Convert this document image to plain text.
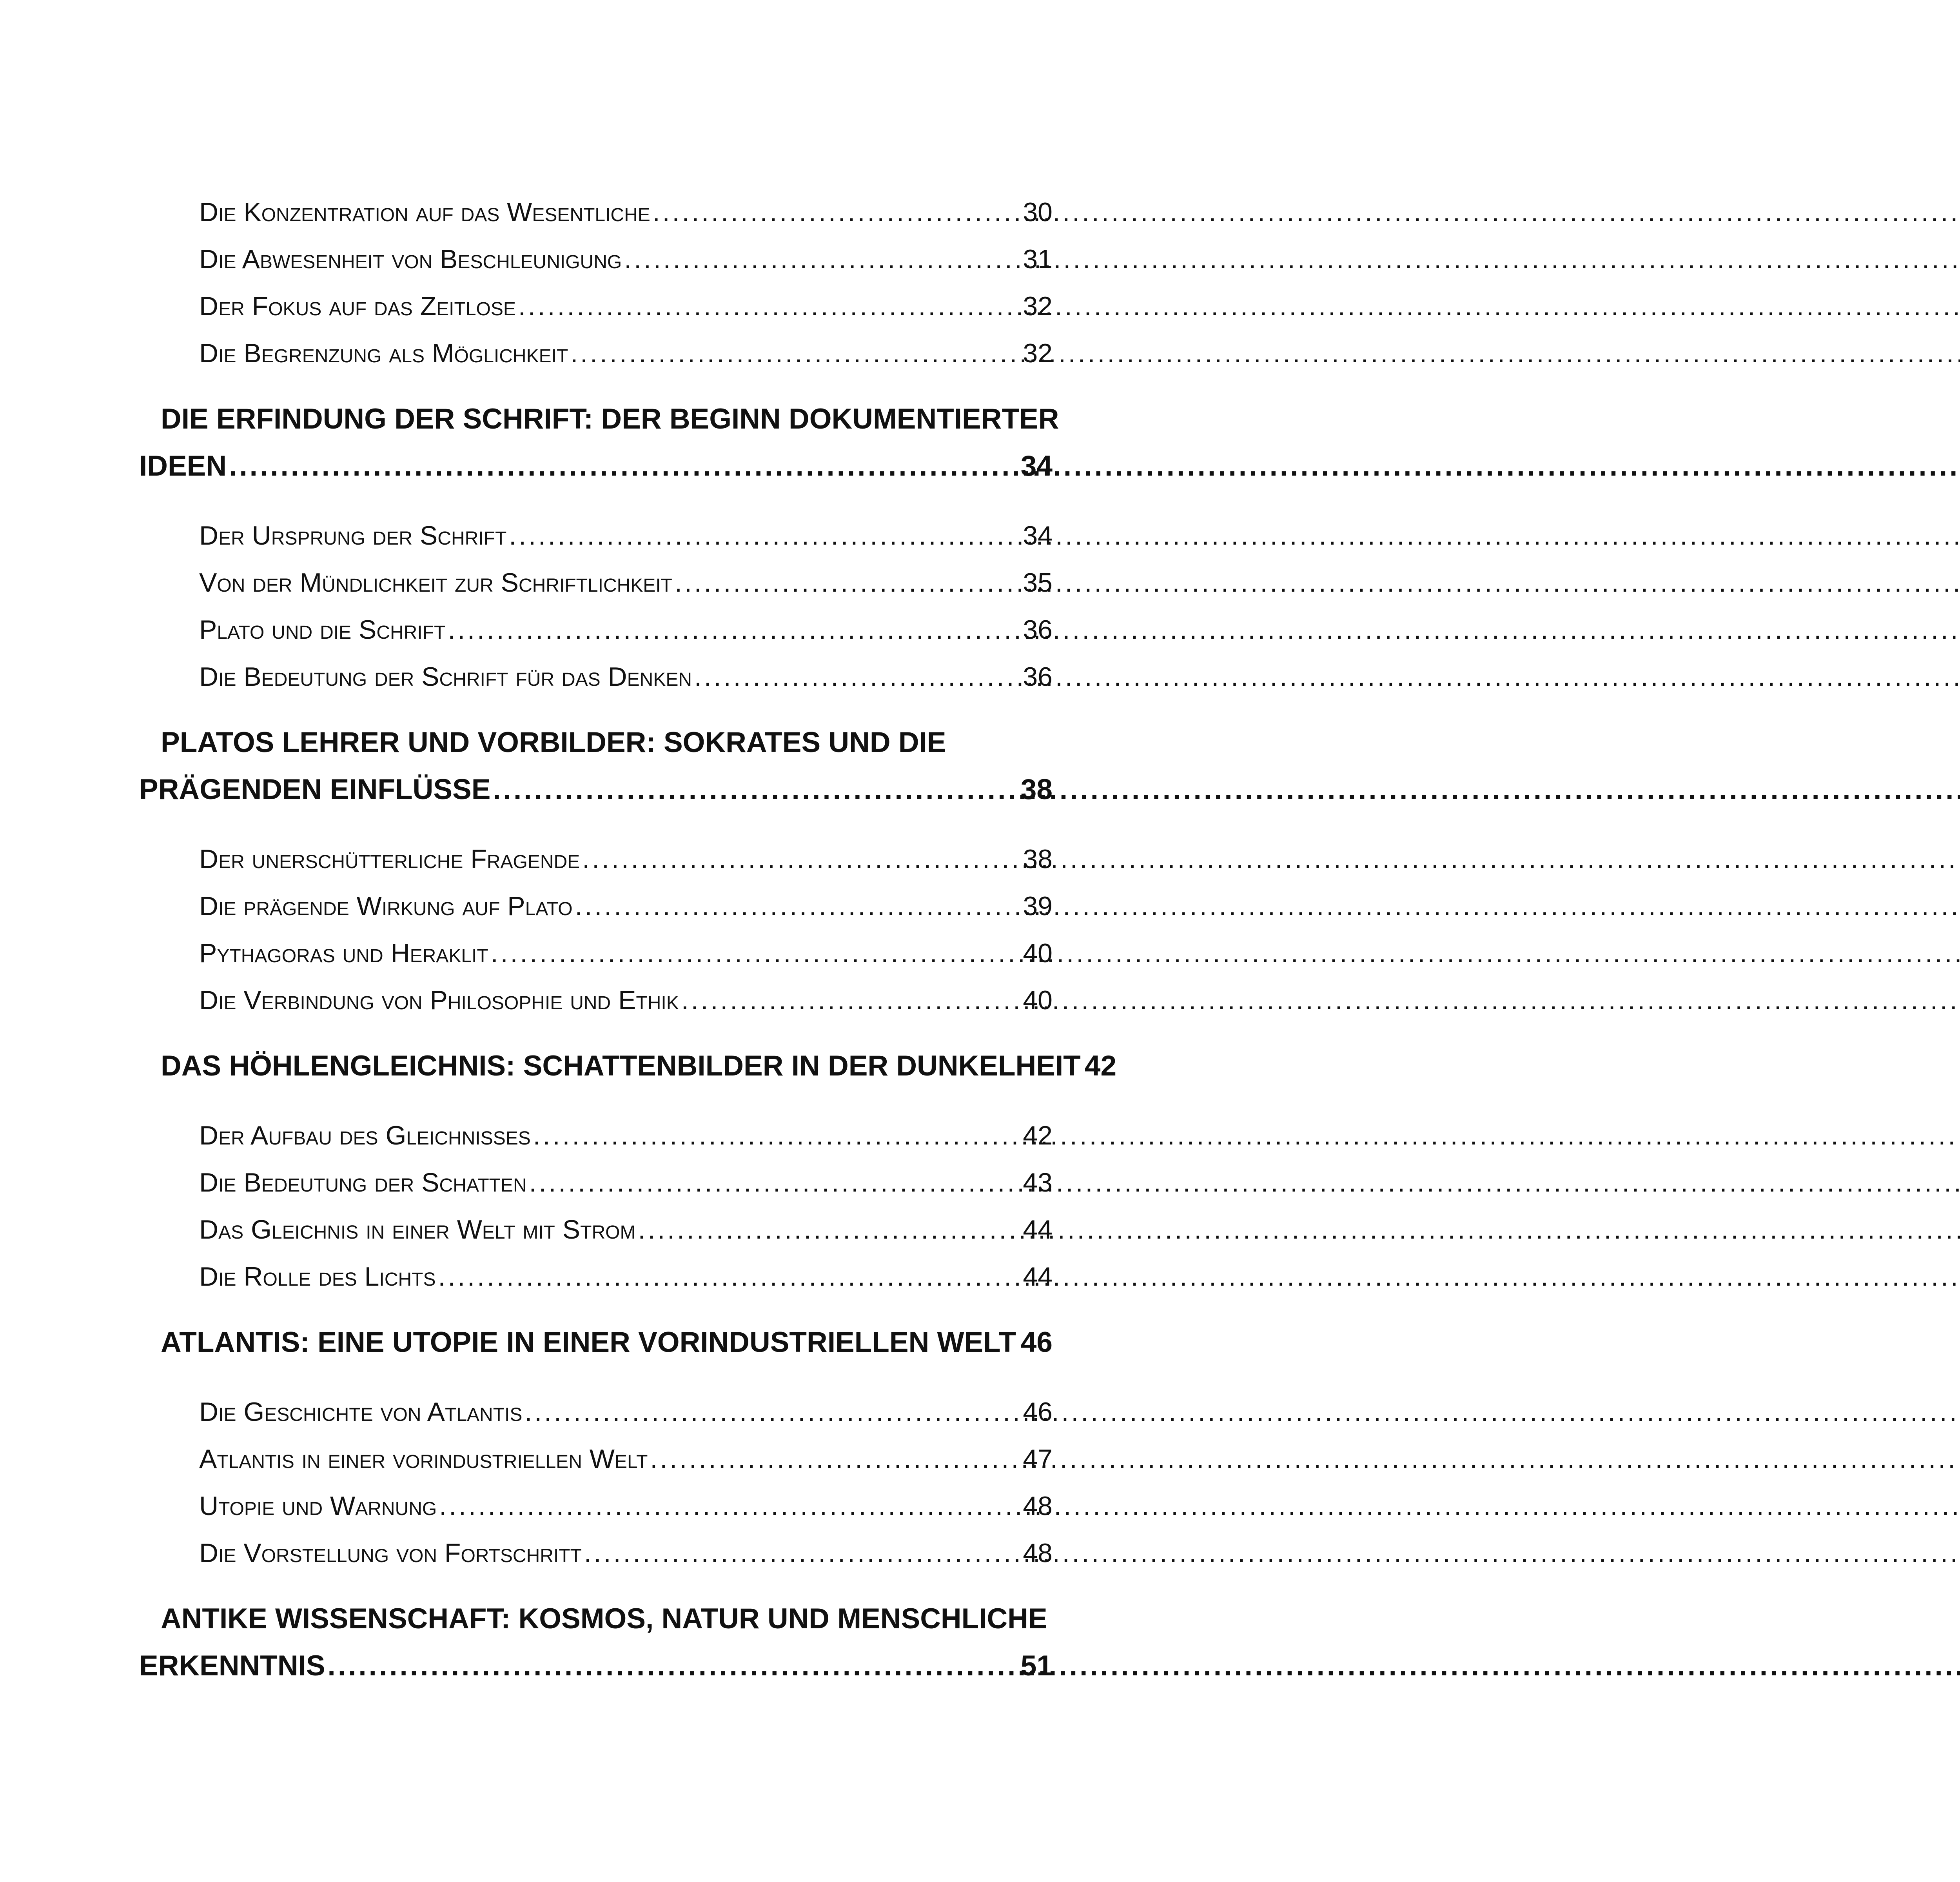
Die Konzentration auf das Wesentliche .....	30
Die Abwesenheit von Beschleunigung .....	31
Der Fokus auf das Zeitlose .....	32
Die Begrenzung als Möglichkeit .....	32
DIE ERFINDUNG DER SCHRIFT: DER BEGINN DOKUMENTIERTER
IDEEN .....	34
Der Ursprung der Schrift .....	34
Von der Mündlichkeit zur Schriftlichkeit .....	35
Plato und die Schrift .....	36
Die Bedeutung der Schrift für das Denken .....	36
PLATOS LEHRER UND VORBILDER: SOKRATES UND DIE
PRÄGENDEN EINFLÜSSE .....	38
Der unerschütterliche Fragende .....	38
Die prägende Wirkung auf Plato .....	39
Pythagoras und Heraklit .....	40
Die Verbindung von Philosophie und Ethik .....	40
DAS HÖHLENGLEICHNIS: SCHATTENBILDER IN DER DUNKELHEIT 42
Der Aufbau des Gleichnisses .....	42
Die Bedeutung der Schatten .....	43
Das Gleichnis in einer Welt mit Strom .....	44
Die Rolle des Lichts .....	44
ATLANTIS: EINE UTOPIE IN EINER VORINDUSTRIELLEN WELT ..... 46
Die Geschichte von Atlantis .....	46
Atlantis in einer vorindustriellen Welt .....	47
Utopie und Warnung .....	48
Die Vorstellung von Fortschritt .....	48
ANTIKE WISSENSCHAFT: KOSMOS, NATUR UND MENSCHLICHE
ERKENNTNIS .....	51
